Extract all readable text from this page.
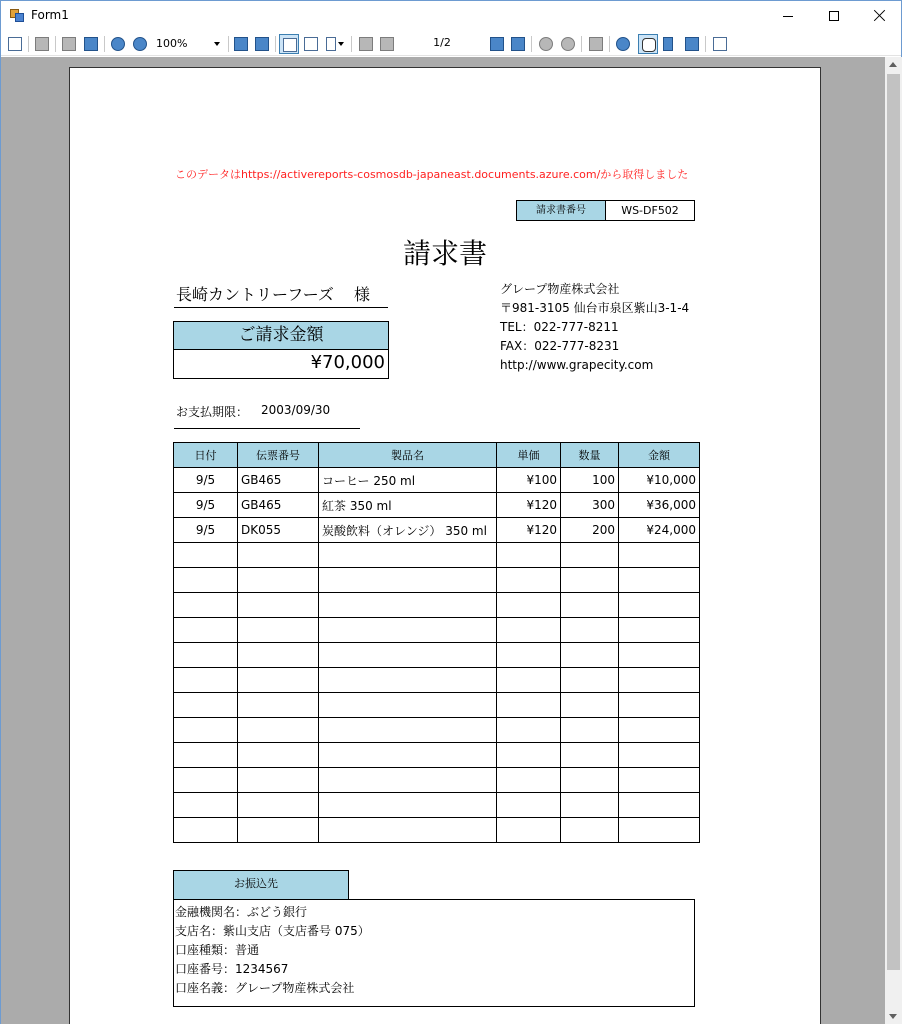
Form1
100%	1/2
このデータはhttps://activereports-cosmosdb-japaneast.documents.azure.com/から取得しました
請求書番号	WS-DF502
請求書
長崎カントリーフーズ 様
ご請求金額
¥70,000
お支払期限： 2003/09/30
グレープ物産株式会社
〒981-3105 仙台市泉区紫山3-1-4
TEL：022-777-8211
FAX：022-777-8231
http://www.grapecity.com
日付	伝票番号	製品名	単価	数量	金額
9/5	GB465	コーヒー 250 ml	¥100	100	¥10,000
9/5	GB465	紅茶 350 ml	¥120	300	¥36,000
9/5	DK055	炭酸飲料（オレンジ） 350 ml	¥120	200	¥24,000

お振込先
金融機関名：ぶどう銀行
支店名：紫山支店（支店番号 075）
口座種類：普通
口座番号：1234567
口座名義：グレープ物産株式会社
